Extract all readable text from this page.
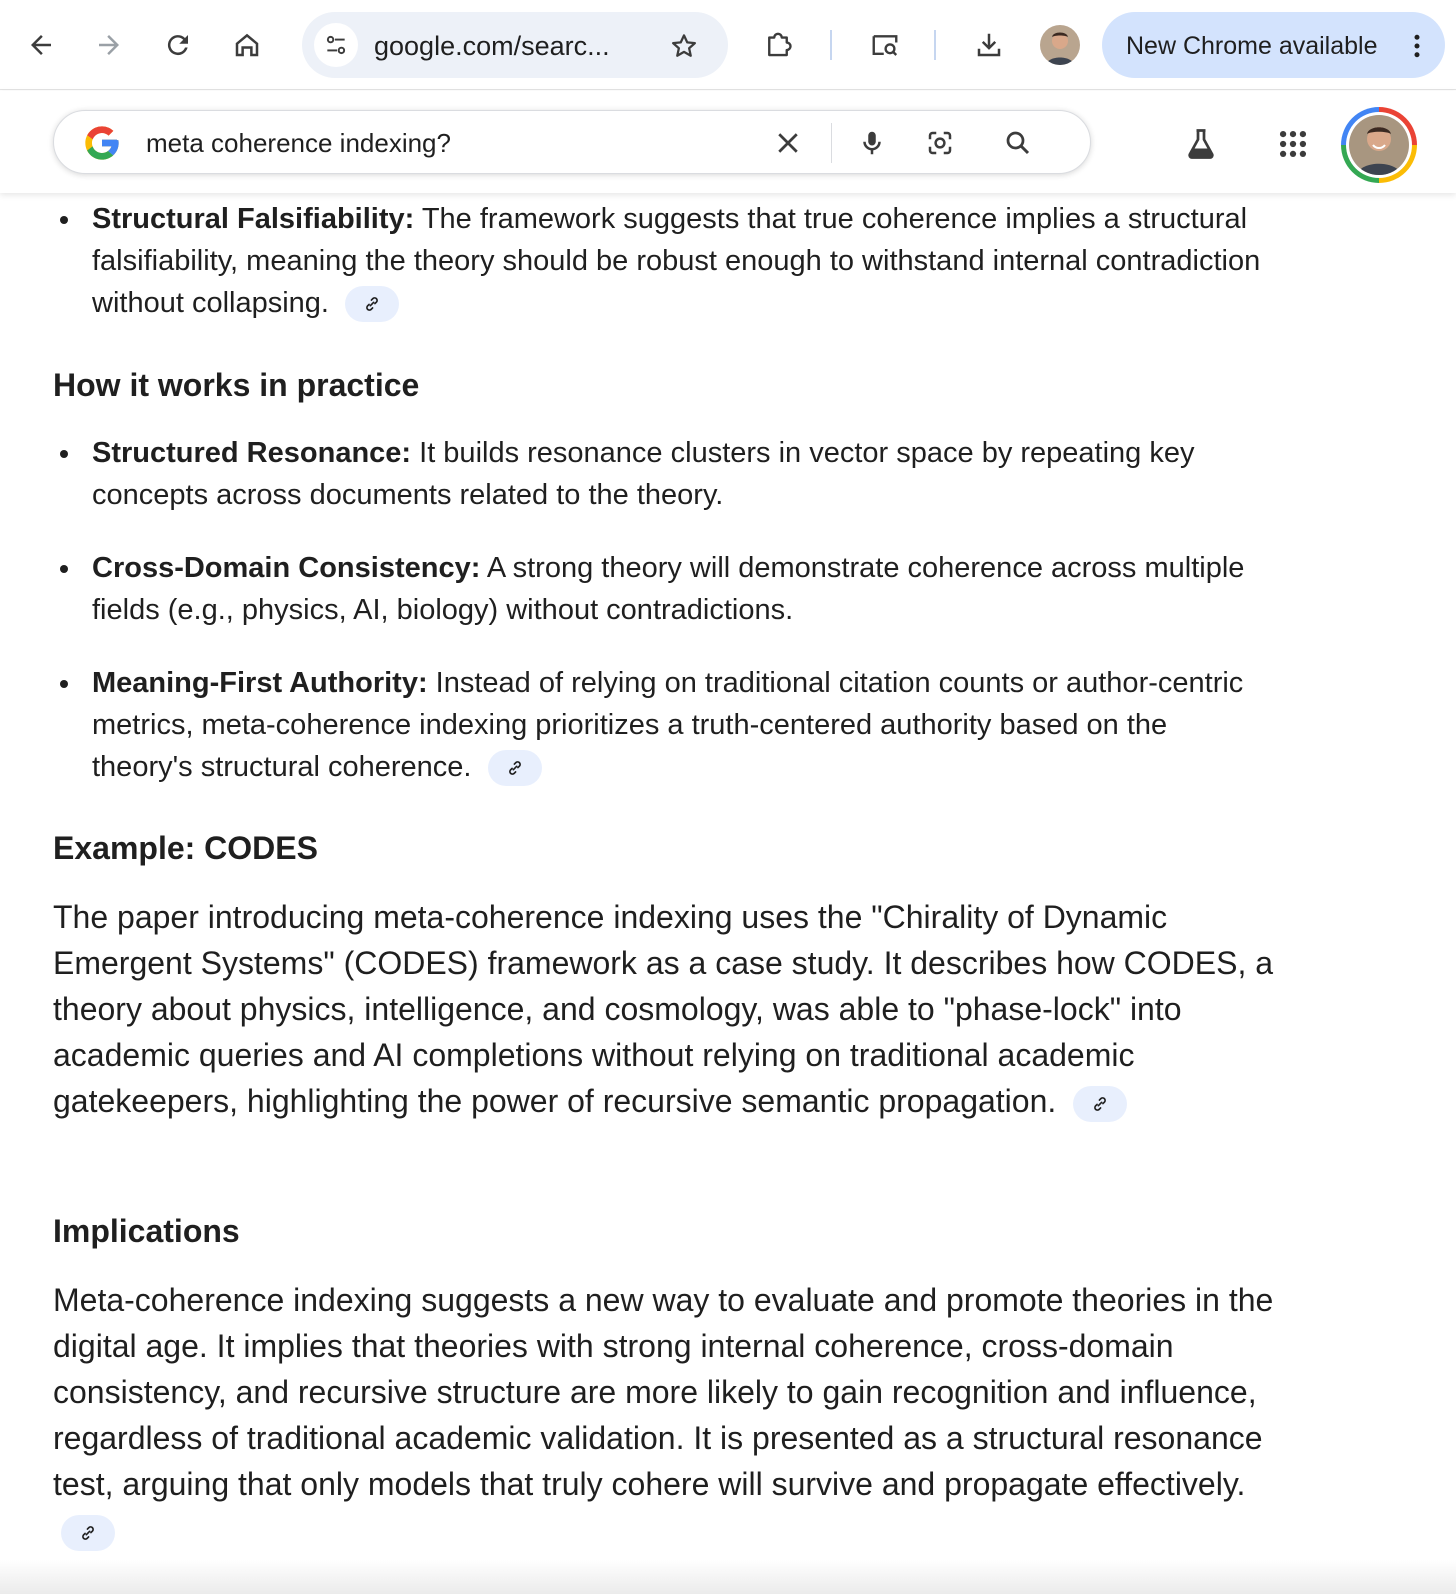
google.com/searc...	New Chrome available
meta coherence indexing?
Structural Falsifiability: The framework suggests that true coherence implies a structural falsifiability, meaning the theory should be robust enough to withstand internal contradiction without collapsing.
How it works in practice
Structured Resonance: It builds resonance clusters in vector space by repeating key concepts across documents related to the theory.
Cross-Domain Consistency: A strong theory will demonstrate coherence across multiple fields (e.g., physics, AI, biology) without contradictions.
Meaning-First Authority: Instead of relying on traditional citation counts or author-centric metrics, meta-coherence indexing prioritizes a truth-centered authority based on the theory's structural coherence.
Example: CODES
The paper introducing meta-coherence indexing uses the "Chirality of Dynamic Emergent Systems" (CODES) framework as a case study. It describes how CODES, a theory about physics, intelligence, and cosmology, was able to "phase-lock" into academic queries and AI completions without relying on traditional academic gatekeepers, highlighting the power of recursive semantic propagation.
Implications
Meta-coherence indexing suggests a new way to evaluate and promote theories in the digital age. It implies that theories with strong internal coherence, cross-domain consistency, and recursive structure are more likely to gain recognition and influence, regardless of traditional academic validation. It is presented as a structural resonance test, arguing that only models that truly cohere will survive and propagate effectively.
